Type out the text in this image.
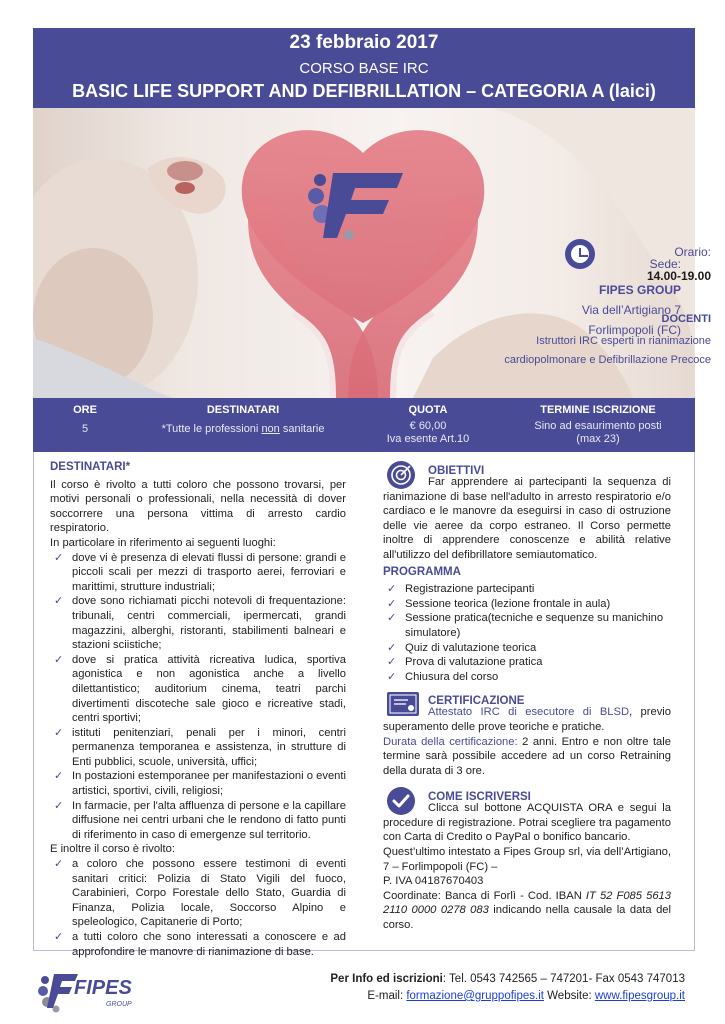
23 febbraio 2017
CORSO BASE IRC
BASIC LIFE SUPPORT AND DEFIBRILLATION – CATEGORIA A (laici)
Sede:
FIPES GROUP
Via dell’Artigiano 7
Forlimpopoli (FC)
Orario:
14.00-19.00
DOCENTI
Istruttori IRC esperti in rianimazione
cardiopolmonare e Defibrillazione Precoce
ORE
5
DESTINATARI
*Tutte le professioni non sanitarie
QUOTA
€ 60,00
Iva esente Art.10
TERMINE ISCRIZIONE
Sino ad esaurimento posti
(max 23)
DESTINATARI*

Il corso è rivolto a tutti coloro che possono trovarsi, per motivi personali o professionali, nella necessità di dover soccorrere una persona vittima di arresto cardio respiratorio.

In particolare in riferimento ai seguenti luoghi:

✓ dove vi è presenza di elevati flussi di persone: grandi e piccoli scali per mezzi di trasporto aerei, ferroviari e marittimi, strutture industriali;
✓ dove sono richiamati picchi notevoli di frequentazione: tribunali, centri commerciali, ipermercati, grandi magazzini, alberghi, ristoranti, stabilimenti balneari e stazioni sciistiche;
✓ dove si pratica attività ricreativa ludica, sportiva agonistica e non agonistica anche a livello dilettantistico; auditorium cinema, teatri parchi divertimenti discoteche sale gioco e ricreative stadi, centri sportivi;
✓ istituti penitenziari, penali per i minori, centri permanenza temporanea e assistenza, in strutture di Enti pubblici, scuole, università, uffici;
✓ In postazioni estemporanee per manifestazioni o eventi artistici, sportivi, civili, religiosi;
✓ In farmacie, per l'alta affluenza di persone e la capillare diffusione nei centri urbani che le rendono di fatto punti di riferimento in caso di emergenze sul territorio.

E inoltre il corso è rivolto:

✓ a coloro che possono essere testimoni di eventi sanitari critici: Polizia di Stato Vigili del fuoco, Carabinieri, Corpo Forestale dello Stato, Guardia di Finanza, Polizia locale, Soccorso Alpino e speleologico, Capitanerie di Porto;
✓ a tutti coloro che sono interessati a conoscere e ad approfondire le manovre di rianimazione di base.
OBIETTIVI

Far apprendere ai partecipanti la sequenza di rianimazione di base nell'adulto in arresto respiratorio e/o cardiaco e le manovre da eseguirsi in caso di ostruzione delle vie aeree da corpo estraneo. Il Corso permette inoltre di apprendere conoscenze e abilità relative all'utilizzo del defibrillatore semiautomatico.

PROGRAMMA
✓ Registrazione partecipanti
✓ Sessione teorica (lezione frontale in aula)
✓ Sessione pratica(tecniche e sequenze su manichino simulatore)
✓ Quiz di valutazione teorica
✓ Prova di valutazione pratica
✓ Chiusura del corso
CERTIFICAZIONE

Attestato IRC di esecutore di BLSD, previo superamento delle prove teoriche e pratiche.

Durata della certificazione: 2 anni. Entro e non oltre tale termine sarà possibile accedere ad un corso Retraining della durata di 3 ore.

COME ISCRIVERSI

Clicca sul bottone ACQUISTA ORA e segui la procedure di registrazione. Potrai scegliere tra pagamento con Carta di Credito o PayPal o bonifico bancario.

Quest’ultimo intestato a Fipes Group srl, via dell’Artigiano, 7 – Forlimpopoli (FC) –

P. IVA 04187670403

Coordinate: Banca di Forlì - Cod. IBAN IT 52 F085 5613 2110 0000 0278 083 indicando nella causale la data del corso.

FIPES
GROUP
Per Info ed iscrizioni: Tel. 0543 742565 – 747201- Fax 0543 747013
E-mail: formazione@gruppofipes.it Website: www.fipesgroup.it
